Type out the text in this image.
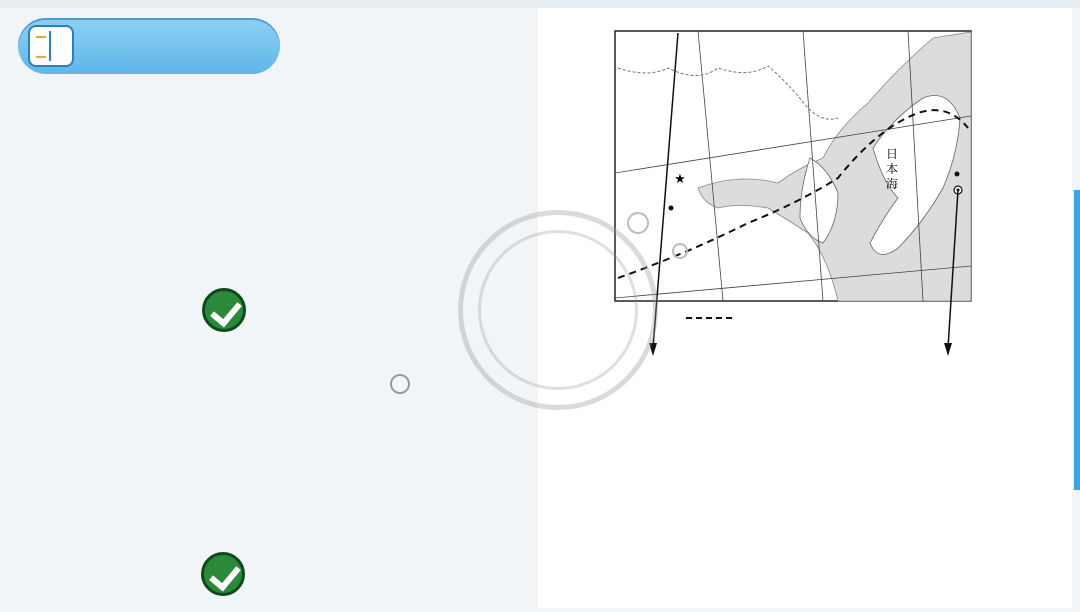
★
日
本
海
